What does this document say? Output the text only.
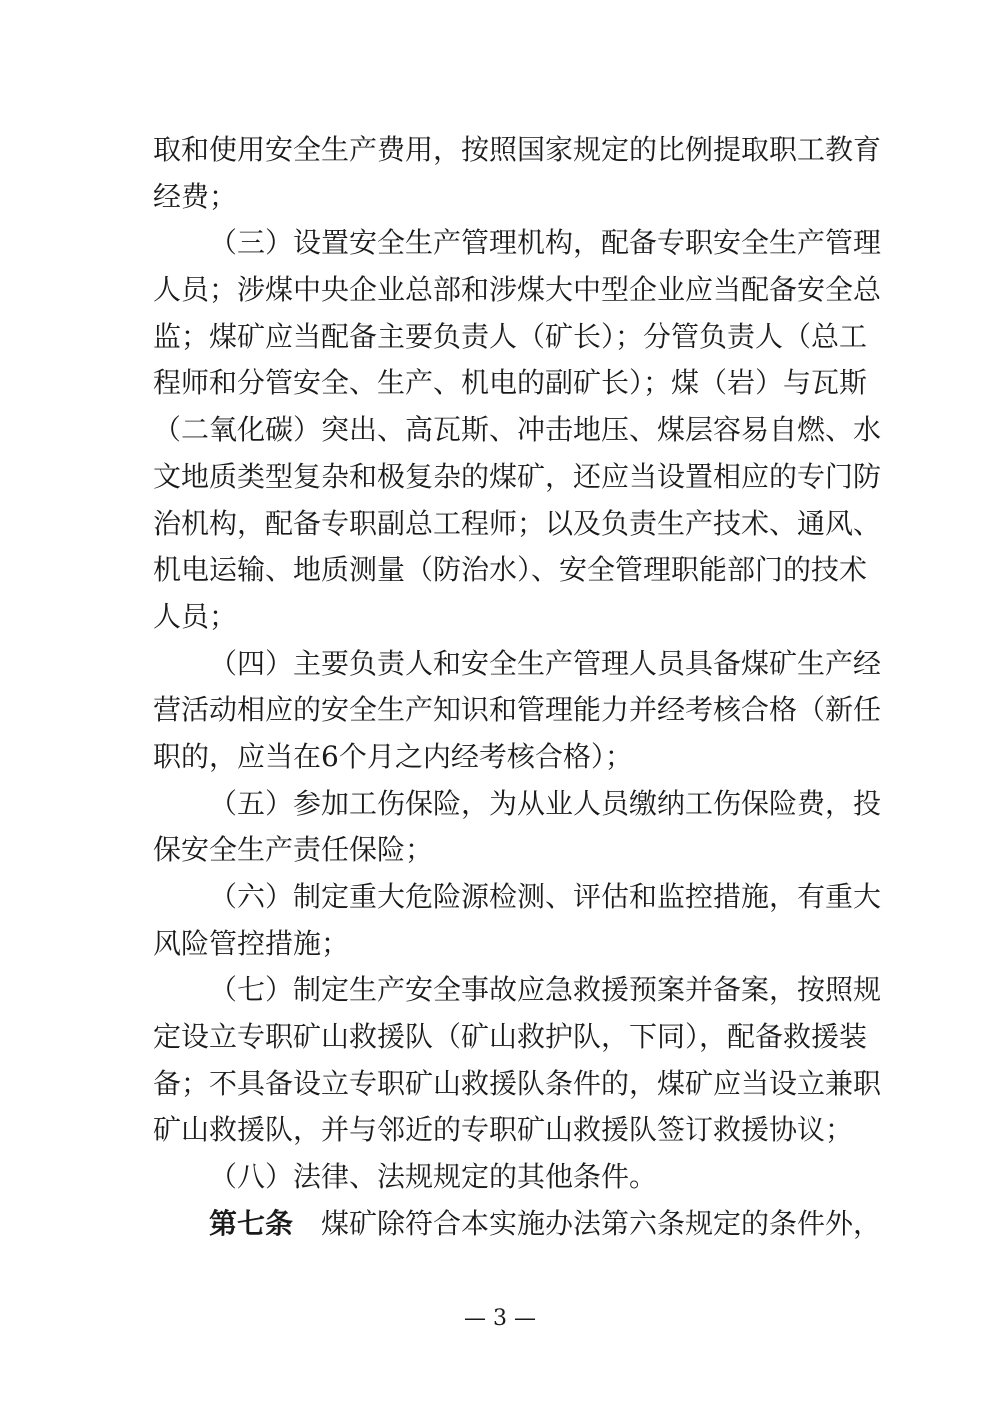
取和使用安全生产费用，按照国家规定的比例提取职工教育
经费；
（三）设置安全生产管理机构，配备专职安全生产管理
人员；涉煤中央企业总部和涉煤大中型企业应当配备安全总
监；煤矿应当配备主要负责人（矿长）；分管负责人（总工
程师和分管安全、生产、机电的副矿长）；煤（岩）与瓦斯
（二氧化碳）突出、高瓦斯、冲击地压、煤层容易自燃、水
文地质类型复杂和极复杂的煤矿，还应当设置相应的专门防
治机构，配备专职副总工程师；以及负责生产技术、通风、
机电运输、地质测量（防治水）、安全管理职能部门的技术
人员；
（四）主要负责人和安全生产管理人员具备煤矿生产经
营活动相应的安全生产知识和管理能力并经考核合格（新任
职的，应当在6个月之内经考核合格）；
（五）参加工伤保险，为从业人员缴纳工伤保险费，投
保安全生产责任保险；
（六）制定重大危险源检测、评估和监控措施，有重大
风险管控措施；
（七）制定生产安全事故应急救援预案并备案，按照规
定设立专职矿山救援队（矿山救护队，下同），配备救援装
备；不具备设立专职矿山救援队条件的，煤矿应当设立兼职
矿山救援队，并与邻近的专职矿山救援队签订救援协议；
（八）法律、法规规定的其他条件。
第七条 煤矿除符合本实施办法第六条规定的条件外，
— 3 —
